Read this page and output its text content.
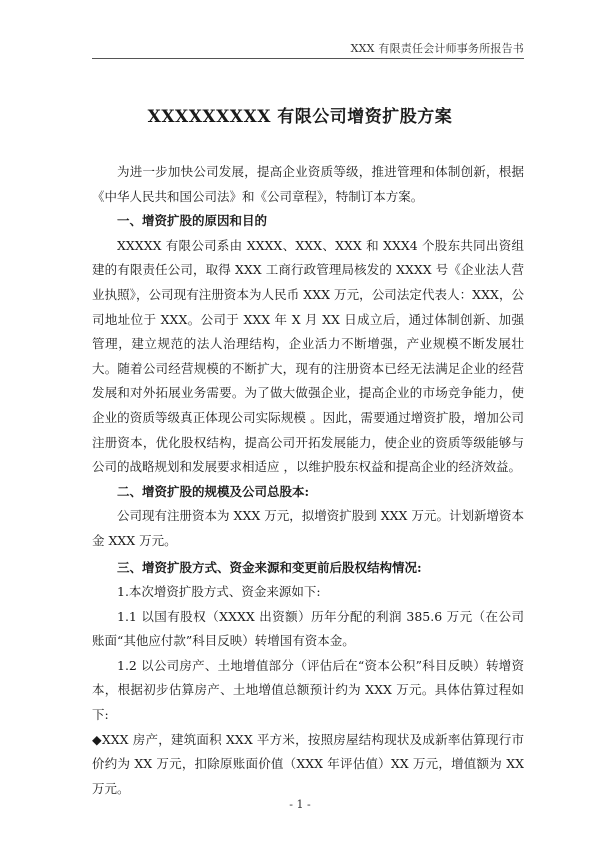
XXX 有限责任会计师事务所报告书
XXXXXXXXX 有限公司增资扩股方案

为进一步加快公司发展，提高企业资质等级，推进管理和体制创新，根据《中华人民共和国公司法》和《公司章程》，特制订本方案。

一、增资扩股的原因和目的

XXXXX 有限公司系由 XXXX、XXX、XXX 和 XXX4 个股东共同出资组建的有限责任公司，取得 XXX 工商行政管理局核发的 XXXX 号《企业法人营业执照》，公司现有注册资本为人民币 XXX 万元，公司法定代表人：XXX，公司地址位于 XXX。公司于 XXX 年 X 月 XX 日成立后，通过体制创新、加强管理，建立规范的法人治理结构，企业活力不断增强，产业规模不断发展壮大。随着公司经营规模的不断扩大，现有的注册资本已经无法满足企业的经营发展和对外拓展业务需要。为了做大做强企业，提高企业的市场竞争能力，使企业的资质等级真正体现公司实际规模 。因此，需要通过增资扩股，增加公司注册资本，优化股权结构，提高公司开拓发展能力，使企业的资质等级能够与公司的战略规划和发展要求相适应 ，以维护股东权益和提高企业的经济效益。

二、增资扩股的规模及公司总股本:

公司现有注册资本为 XXX 万元，拟增资扩股到 XXX 万元。计划新增资本金 XXX 万元。

三、增资扩股方式、资金来源和变更前后股权结构情况:

1.本次增资扩股方式、资金来源如下:

1.1 以国有股权（XXXX 出资额）历年分配的利润 385.6 万元（在公司账面“其他应付款”科目反映）转增国有资本金。

1.2 以公司房产、土地增值部分（评估后在“资本公积”科目反映）转增资本，根据初步估算房产、土地增值总额预计约为 XXX 万元。具体估算过程如下:

◆XXX 房产，建筑面积 XXX 平方米，按照房屋结构现状及成新率估算现行市价约为 XX 万元，扣除原账面价值（XXX 年评估值）XX 万元，增值额为 XX 万元。

- 1 -
